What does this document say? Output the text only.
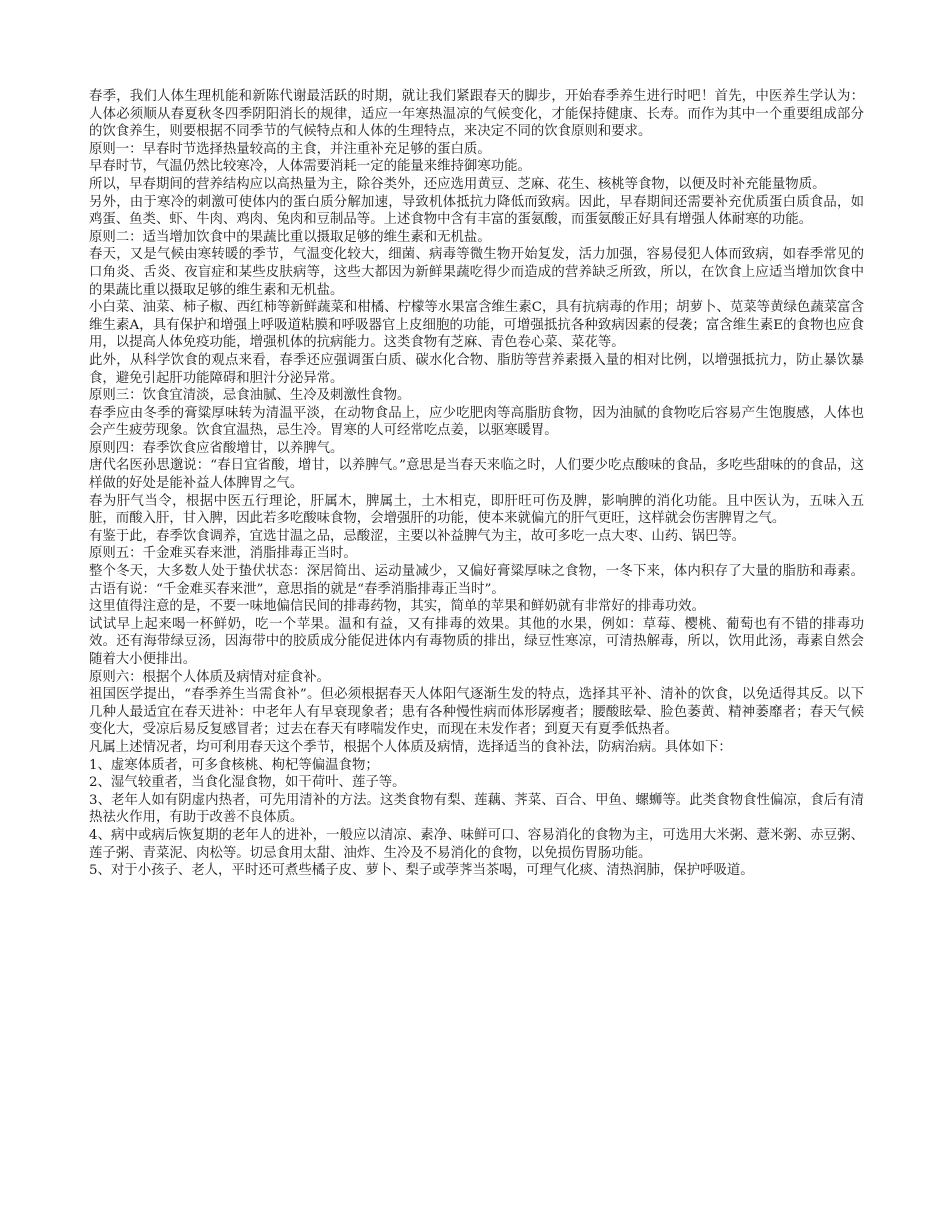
春季，我们人体生理机能和新陈代谢最活跃的时期，就让我们紧跟春天的脚步，开始春季养生进行时吧！首先，中医养生学认为：人体必须顺从春夏秋冬四季阴阳消长的规律，适应一年寒热温凉的气候变化，才能保持健康、长寿。而作为其中一个重要组成部分的饮食养生，则要根据不同季节的气候特点和人体的生理特点，来决定不同的饮食原则和要求。

原则一：早春时节选择热量较高的主食，并注重补充足够的蛋白质。

早春时节，气温仍然比较寒冷，人体需要消耗一定的能量来维持御寒功能。

所以，早春期间的营养结构应以高热量为主，除谷类外，还应选用黄豆、芝麻、花生、核桃等食物，以便及时补充能量物质。

另外，由于寒冷的刺激可使体内的蛋白质分解加速，导致机体抵抗力降低而致病。因此，早春期间还需要补充优质蛋白质食品，如鸡蛋、鱼类、虾、牛肉、鸡肉、兔肉和豆制品等。上述食物中含有丰富的蛋氨酸，而蛋氨酸正好具有增强人体耐寒的功能。

原则二：适当增加饮食中的果蔬比重以摄取足够的维生素和无机盐。

春天，又是气候由寒转暖的季节，气温变化较大，细菌、病毒等微生物开始复发，活力加强，容易侵犯人体而致病，如春季常见的口角炎、舌炎、夜盲症和某些皮肤病等，这些大都因为新鲜果蔬吃得少而造成的营养缺乏所致，所以，在饮食上应适当增加饮食中的果蔬比重以摄取足够的维生素和无机盐。

小白菜、油菜、柿子椒、西红柿等新鲜蔬菜和柑橘、柠檬等水果富含维生素C，具有抗病毒的作用；胡萝卜、苋菜等黄绿色蔬菜富含维生素A，具有保护和增强上呼吸道粘膜和呼吸器官上皮细胞的功能，可增强抵抗各种致病因素的侵袭；富含维生素E的食物也应食用，以提高人体免疫功能，增强机体的抗病能力。这类食物有芝麻、青色卷心菜、菜花等。

此外，从科学饮食的观点来看，春季还应强调蛋白质、碳水化合物、脂肪等营养素摄入量的相对比例，以增强抵抗力，防止暴饮暴食，避免引起肝功能障碍和胆汁分泌异常。

原则三：饮食宜清淡，忌食油腻、生冷及刺激性食物。

春季应由冬季的膏粱厚味转为清温平淡，在动物食品上，应少吃肥肉等高脂肪食物，因为油腻的食物吃后容易产生饱腹感，人体也会产生疲劳现象。饮食宜温热，忌生冷。胃寒的人可经常吃点姜，以驱寒暖胃。

原则四：春季饮食应省酸增甘，以养脾气。

唐代名医孙思邈说：“春日宜省酸，增甘，以养脾气。”意思是当春天来临之时，人们要少吃点酸味的食品，多吃些甜味的的食品，这样做的好处是能补益人体脾胃之气。

春为肝气当令，根据中医五行理论，肝属木，脾属土，土木相克，即肝旺可伤及脾，影响脾的消化功能。且中医认为，五味入五脏，而酸入肝，甘入脾，因此若多吃酸味食物，会增强肝的功能，使本来就偏亢的肝气更旺，这样就会伤害脾胃之气。

有鉴于此，春季饮食调养，宜选甘温之品，忌酸涩，主要以补益脾气为主，故可多吃一点大枣、山药、锅巴等。

原则五：千金难买春来泄，消脂排毒正当时。

整个冬天，大多数人处于蛰伏状态：深居简出、运动量减少，又偏好膏粱厚味之食物，一冬下来，体内积存了大量的脂肪和毒素。古语有说：“千金难买春来泄”，意思指的就是“春季消脂排毒正当时”。

这里值得注意的是，不要一味地偏信民间的排毒药物，其实，简单的苹果和鲜奶就有非常好的排毒功效。

试试早上起来喝一杯鲜奶，吃一个苹果。温和有益，又有排毒的效果。其他的水果，例如：草莓、樱桃、葡萄也有不错的排毒功效。还有海带绿豆汤，因海带中的胶质成分能促进体内有毒物质的排出，绿豆性寒凉，可清热解毒，所以，饮用此汤，毒素自然会随着大小便排出。

原则六：根据个人体质及病情对症食补。

祖国医学提出，“春季养生当需食补”。但必须根据春天人体阳气逐渐生发的特点，选择其平补、清补的饮食，以免适得其反。以下几种人最适宜在春天进补：中老年人有早衰现象者；患有各种慢性病而体形孱瘦者；腰酸眩晕、脸色萎黄、精神萎靡者；春天气候变化大，受凉后易反复感冒者；过去在春天有哮喘发作史，而现在未发作者；到夏天有夏季低热者。

凡属上述情况者，均可利用春天这个季节，根据个人体质及病情，选择适当的食补法，防病治病。具体如下：

1、虚寒体质者，可多食核桃、枸杞等偏温食物；

2、湿气较重者，当食化湿食物，如干荷叶、莲子等。

3、老年人如有阴虚内热者，可先用清补的方法。这类食物有梨、莲藕、荠菜、百合、甲鱼、螺蛳等。此类食物食性偏凉，食后有清热祛火作用，有助于改善不良体质。

4、病中或病后恢复期的老年人的进补，一般应以清凉、素净、味鲜可口、容易消化的食物为主，可选用大米粥、薏米粥、赤豆粥、莲子粥、青菜泥、肉松等。切忌食用太甜、油炸、生冷及不易消化的食物，以免损伤胃肠功能。

5、对于小孩子、老人，平时还可煮些橘子皮、萝卜、梨子或荸荠当茶喝，可理气化痰、清热润肺，保护呼吸道。
